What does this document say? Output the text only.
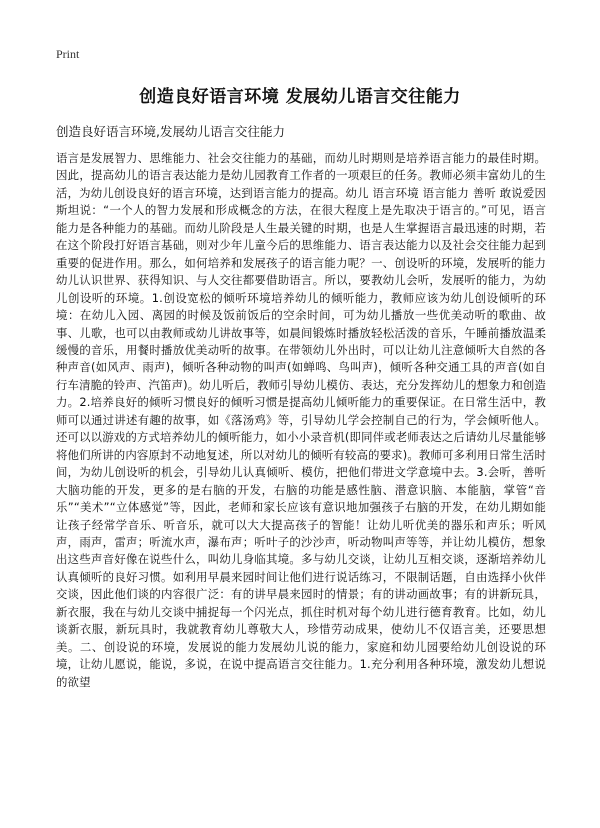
Print
创造良好语言环境 发展幼儿语言交往能力

创造良好语言环境,发展幼儿语言交往能力

语言是发展智力、思维能力、社会交往能力的基础，而幼儿时期则是培养语言能力的最佳时期。因此，提高幼儿的语言表达能力是幼儿园教育工作者的一项艰巨的任务。教师必须丰富幼儿的生活，为幼儿创设良好的语言环境，达到语言能力的提高。幼儿 语言环境 语言能力 善听 敢说爱因斯坦说：“一个人的智力发展和形成概念的方法，在很大程度上是先取决于语言的。”可见，语言能力是各种能力的基础。而幼儿阶段是人生最关键的时期，也是人生掌握语言最迅速的时期，若在这个阶段打好语言基础，则对少年儿童今后的思维能力、语言表达能力以及社会交往能力起到重要的促进作用。那么，如何培养和发展孩子的语言能力呢？一、创设听的环境，发展听的能力幼儿认识世界、获得知识、与人交往都要借助语言。所以，要教幼儿会听，发展听的能力，为幼儿创设听的环境。1.创设宽松的倾听环境培养幼儿的倾听能力，教师应该为幼儿创设倾听的环境：在幼儿入园、离园的时候及饭前饭后的空余时间，可为幼儿播放一些优美动听的歌曲、故事、儿歌，也可以由教师或幼儿讲故事等，如晨间锻炼时播放轻松活泼的音乐，午睡前播放温柔缓慢的音乐，用餐时播放优美动听的故事。在带领幼儿外出时，可以让幼儿注意倾听大自然的各种声音(如风声、雨声)，倾听各种动物的叫声(如蝉鸣、鸟叫声)，倾听各种交通工具的声音(如自行车清脆的铃声、汽笛声)。幼儿听后，教师引导幼儿模仿、表达，充分发挥幼儿的想象力和创造力。2.培养良好的倾听习惯良好的倾听习惯是提高幼儿倾听能力的重要保证。在日常生活中，教师可以通过讲述有趣的故事，如《落汤鸡》等，引导幼儿学会控制自己的行为，学会倾听他人。还可以以游戏的方式培养幼儿的倾听能力，如小小录音机(即同伴或老师表达之后请幼儿尽量能够将他们所讲的内容原封不动地复述，所以对幼儿的倾听有较高的要求)。教师可多利用日常生活时间，为幼儿创设听的机会，引导幼儿认真倾听、模仿，把他们带进文学意境中去。3.会听，善听大脑功能的开发，更多的是右脑的开发，右脑的功能是感性脑、潜意识脑、本能脑，掌管“音乐”“美术”“立体感觉”等，因此，老师和家长应该有意识地加强孩子右脑的开发，在幼儿期如能让孩子经常学音乐、听音乐，就可以大大提高孩子的智能！让幼儿听优美的器乐和声乐；听风声，雨声，雷声；听流水声，瀑布声；听叶子的沙沙声，听动物叫声等等，并让幼儿模仿，想象出这些声音好像在说些什么，叫幼儿身临其境。多与幼儿交谈，让幼儿互相交谈，逐渐培养幼儿认真倾听的良好习惯。如利用早晨来园时间让他们进行说话练习，不限制话题，自由选择小伙伴交谈，因此他们谈的内容很广泛：有的讲早晨来园时的情景；有的讲动画故事；有的讲新玩具，新衣服，我在与幼儿交谈中捕捉每一个闪光点，抓住时机对每个幼儿进行德育教育。比如，幼儿谈新衣服，新玩具时，我就教育幼儿尊敬大人，珍惜劳动成果，使幼儿不仅语言美，还要思想美。二、创设说的环境，发展说的能力发展幼儿说的能力，家庭和幼儿园要给幼儿创设说的环境，让幼儿愿说，能说，多说，在说中提高语言交往能力。1.充分利用各种环境，激发幼儿想说的欲望
